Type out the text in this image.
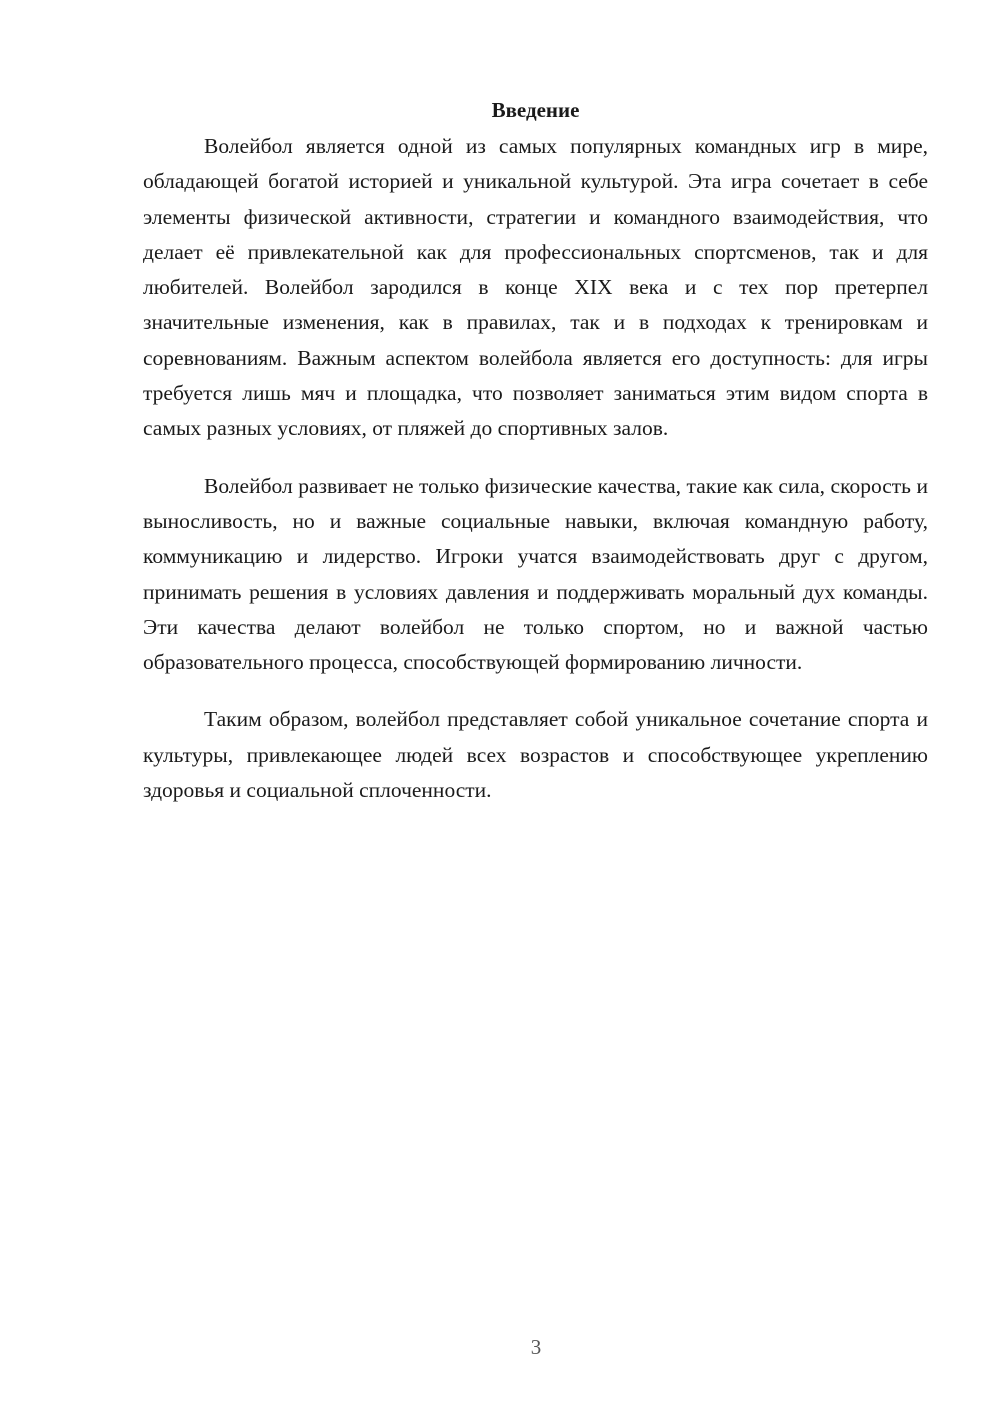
Введение

Волейбол является одной из самых популярных командных игр в мире, обладающей богатой историей и уникальной культурой. Эта игра сочетает в себе элементы физической активности, стратегии и командного взаимодействия, что делает её привлекательной как для профессиональных спортсменов, так и для любителей. Волейбол зародился в конце XIX века и с тех пор претерпел значительные изменения, как в правилах, так и в подходах к тренировкам и соревнованиям. Важным аспектом волейбола является его доступность: для игры требуется лишь мяч и площадка, что позволяет заниматься этим видом спорта в самых разных условиях, от пляжей до спортивных залов.

Волейбол развивает не только физические качества, такие как сила, скорость и выносливость, но и важные социальные навыки, включая командную работу, коммуникацию и лидерство. Игроки учатся взаимодействовать друг с другом, принимать решения в условиях давления и поддерживать моральный дух команды. Эти качества делают волейбол не только спортом, но и важной частью образовательного процесса, способствующей формированию личности.

Таким образом, волейбол представляет собой уникальное сочетание спорта и культуры, привлекающее людей всех возрастов и способствующее укреплению здоровья и социальной сплоченности.

3
